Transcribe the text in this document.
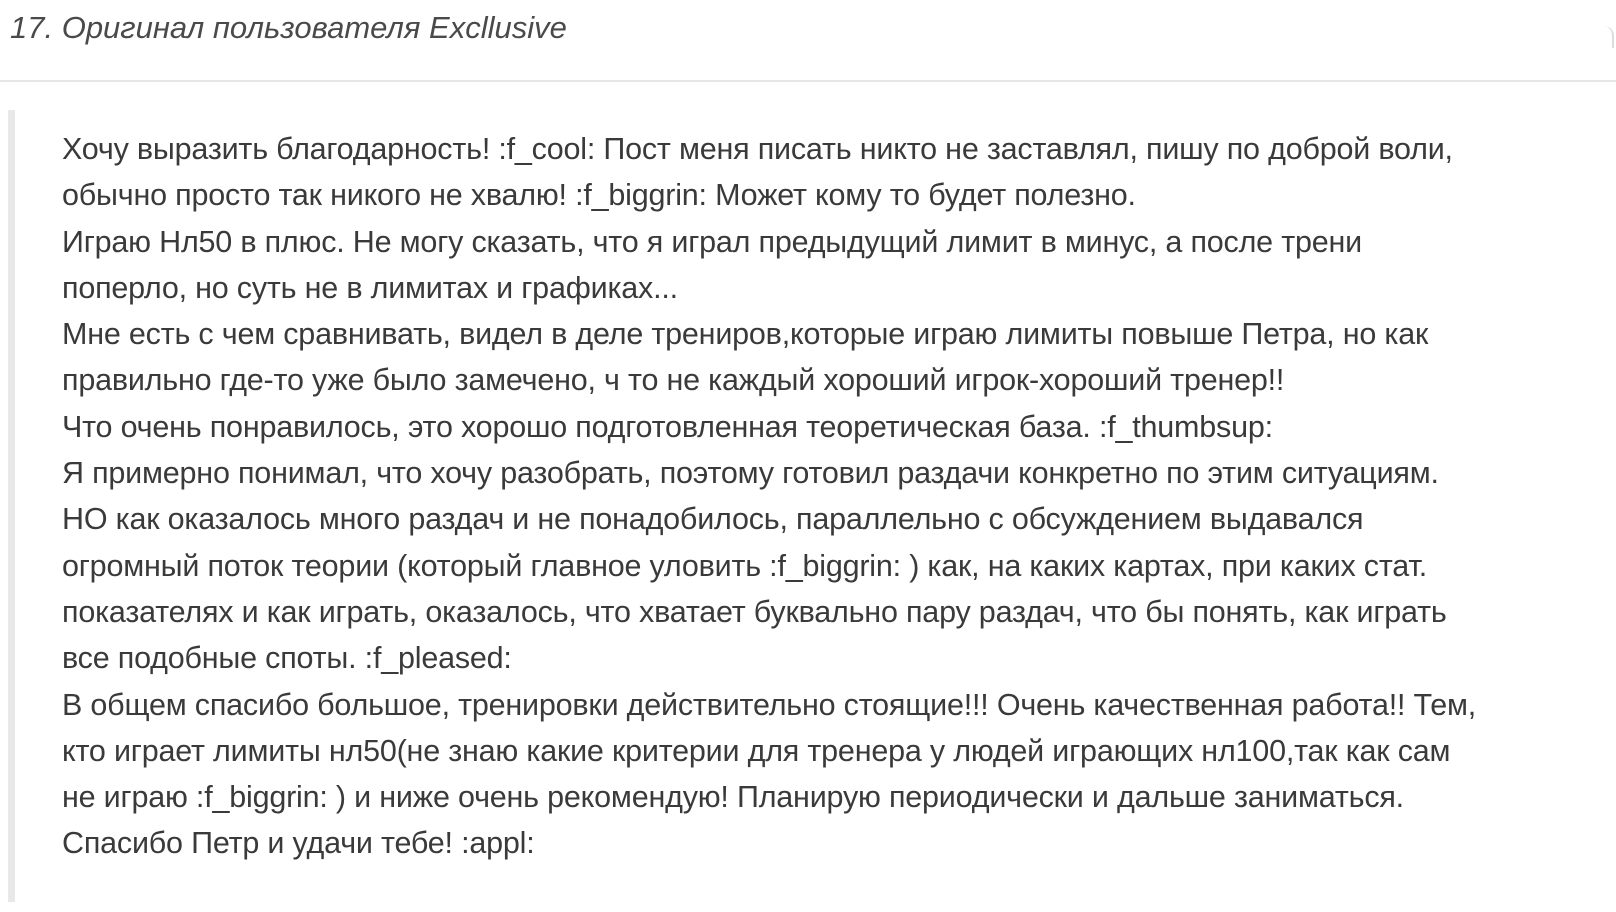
17. Оригинал пользователя Excllusive
Хочу выразить благодарность! :f_cool: Пост меня писать никто не заставлял, пишу по доброй воли,
обычно просто так никого не хвалю! :f_biggrin: Может кому то будет полезно.
Играю Нл50 в плюс. Не могу сказать, что я играл предыдущий лимит в минус, а после трени
поперло, но суть не в лимитах и графиках...
Мне есть с чем сравнивать, видел в деле трениров,которые играю лимиты повыше Петра, но как
правильно где-то уже было замечено, ч то не каждый хороший игрок-хороший тренер!!
Что очень понравилось, это хорошо подготовленная теоретическая база. :f_thumbsup:
Я примерно понимал, что хочу разобрать, поэтому готовил раздачи конкретно по этим ситуациям.
НО как оказалось много раздач и не понадобилось, параллельно с обсуждением выдавался
огромный поток теории (который главное уловить :f_biggrin: ) как, на каких картах, при каких стат.
показателях и как играть, оказалось, что хватает буквально пару раздач, что бы понять, как играть
все подобные споты. :f_pleased:
В общем спасибо большое, тренировки действительно стоящие!!! Очень качественная работа!! Тем,
кто играет лимиты нл50(не знаю какие критерии для тренера у людей играющих нл100,так как сам
не играю :f_biggrin: ) и ниже очень рекомендую! Планирую периодически и дальше заниматься.
Спасибо Петр и удачи тебе! :appl:
